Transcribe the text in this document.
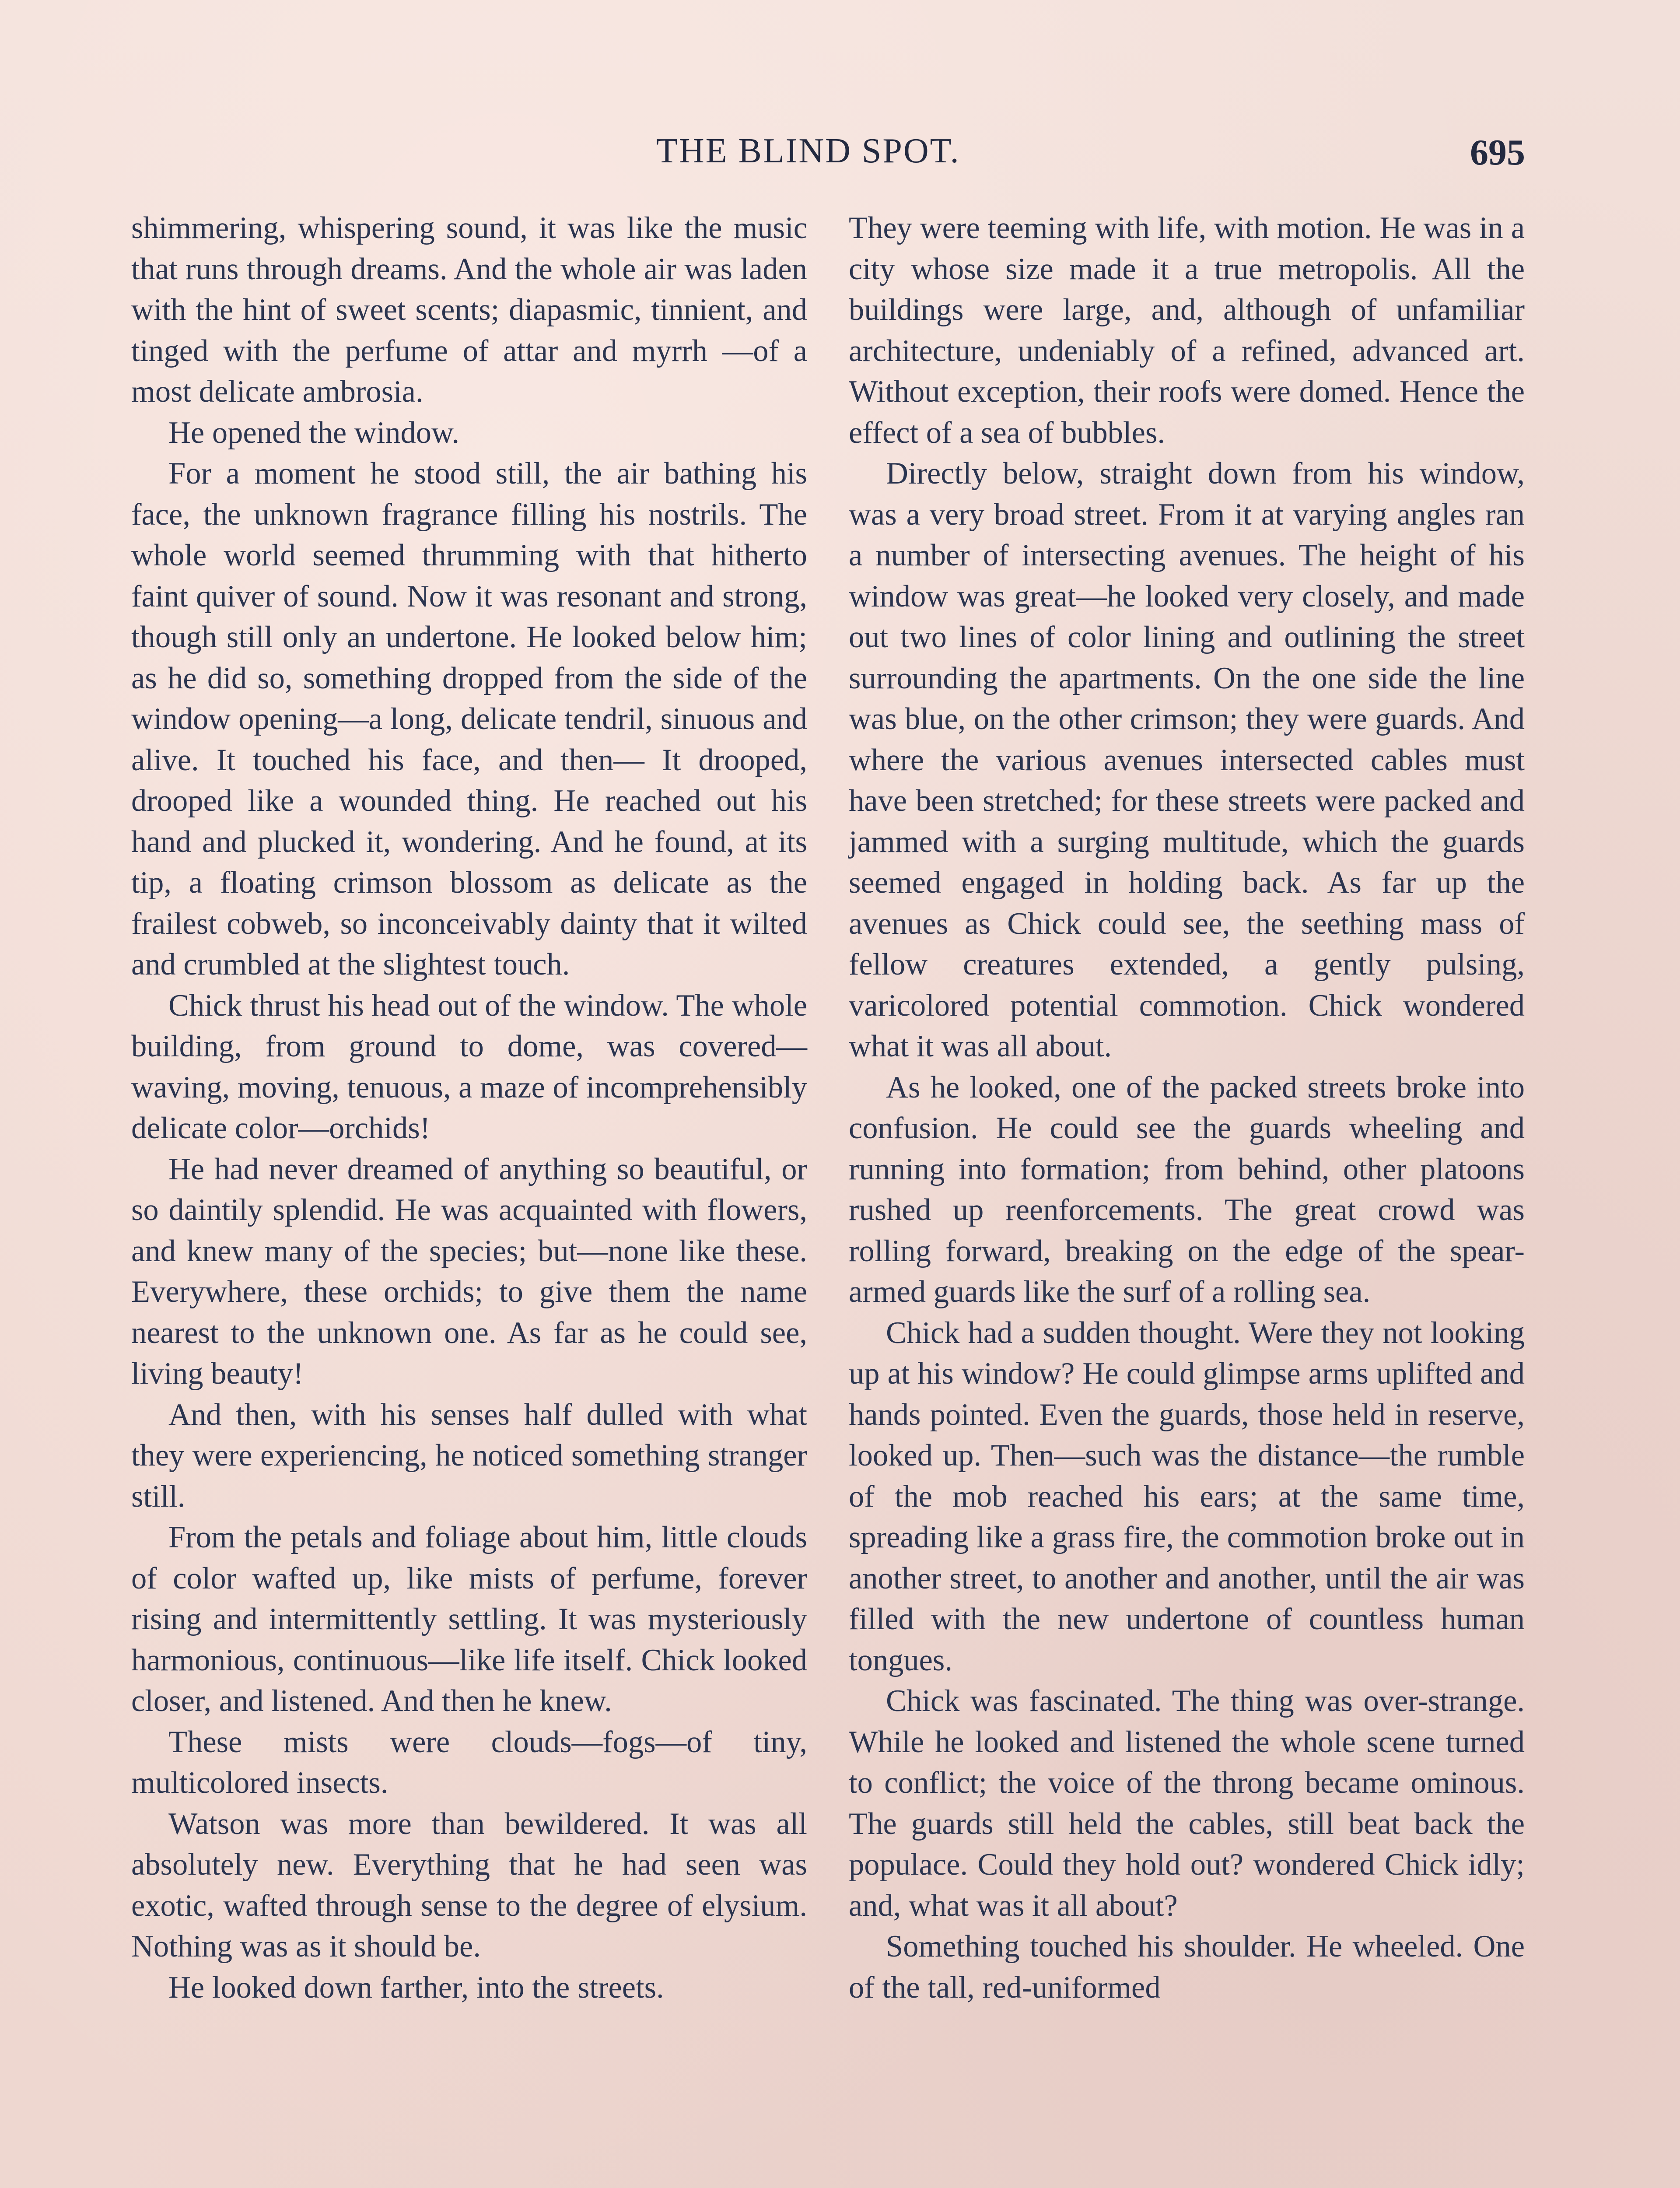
THE BLIND SPOT.	695

shimmering, whispering sound, it was like the music that runs through dreams. And the whole air was laden with the hint of sweet scents; diapasmic, tinnient, and tinged with the perfume of attar and myrrh —of a most delicate ambrosia.

He opened the window.

For a moment he stood still, the air bathing his face, the unknown fragrance filling his nostrils. The whole world seemed thrumming with that hitherto faint quiver of sound. Now it was resonant and strong, though still only an undertone. He looked below him; as he did so, something dropped from the side of the window opening—a long, delicate tendril, sinuous and alive. It touched his face, and then— It drooped, drooped like a wounded thing. He reached out his hand and plucked it, wondering. And he found, at its tip, a floating crimson blossom as delicate as the frailest cobweb, so inconceivably dainty that it wilted and crumbled at the slightest touch.

Chick thrust his head out of the window. The whole building, from ground to dome, was covered—waving, moving, tenuous, a maze of incomprehensibly delicate color—orchids!

He had never dreamed of anything so beautiful, or so daintily splendid. He was acquainted with flowers, and knew many of the species; but—none like these. Everywhere, these orchids; to give them the name nearest to the unknown one. As far as he could see, living beauty!

And then, with his senses half dulled with what they were experiencing, he noticed something stranger still.

From the petals and foliage about him, little clouds of color wafted up, like mists of perfume, forever rising and intermittently settling. It was mysteriously harmonious, continuous—like life itself. Chick looked closer, and listened. And then he knew.

These mists were clouds—fogs—of tiny, multicolored insects.

Watson was more than bewildered. It was all absolutely new. Everything that he had seen was exotic, wafted through sense to the degree of elysium. Nothing was as it should be.

He looked down farther, into the streets.

They were teeming with life, with motion. He was in a city whose size made it a true metropolis. All the buildings were large, and, although of unfamiliar architecture, undeniably of a refined, advanced art. Without exception, their roofs were domed. Hence the effect of a sea of bubbles.

Directly below, straight down from his window, was a very broad street. From it at varying angles ran a number of intersecting avenues. The height of his window was great—he looked very closely, and made out two lines of color lining and outlining the street surrounding the apartments. On the one side the line was blue, on the other crimson; they were guards. And where the various avenues intersected cables must have been stretched; for these streets were packed and jammed with a surging multitude, which the guards seemed engaged in holding back. As far up the avenues as Chick could see, the seething mass of fellow creatures extended, a gently pulsing, varicolored potential commotion. Chick wondered what it was all about.

As he looked, one of the packed streets broke into confusion. He could see the guards wheeling and running into formation; from behind, other platoons rushed up reenforcements. The great crowd was rolling forward, breaking on the edge of the spear-armed guards like the surf of a rolling sea.

Chick had a sudden thought. Were they not looking up at his window? He could glimpse arms uplifted and hands pointed. Even the guards, those held in reserve, looked up. Then—such was the distance—the rumble of the mob reached his ears; at the same time, spreading like a grass fire, the commotion broke out in another street, to another and another, until the air was filled with the new undertone of countless human tongues.

Chick was fascinated. The thing was over-strange. While he looked and listened the whole scene turned to conflict; the voice of the throng became ominous. The guards still held the cables, still beat back the populace. Could they hold out? wondered Chick idly; and, what was it all about?

Something touched his shoulder. He wheeled. One of the tall, red-uniformed
